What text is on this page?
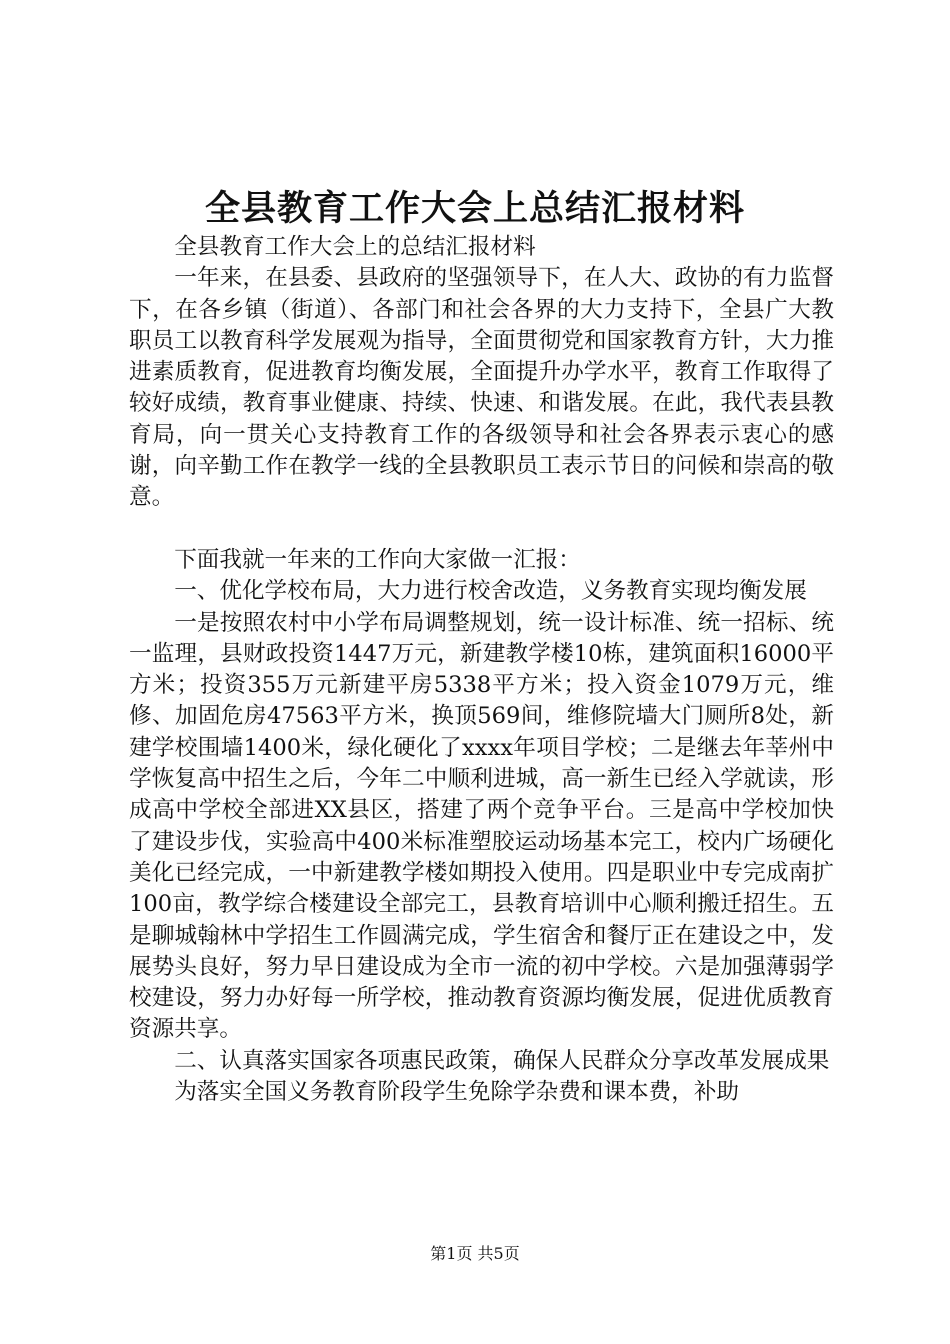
全县教育工作大会上总结汇报材料

全县教育工作大会上的总结汇报材料

一年来，在县委、县政府的坚强领导下，在人大、政协的有力监督下，在各乡镇（街道）、各部门和社会各界的大力支持下，全县广大教职员工以教育科学发展观为指导，全面贯彻党和国家教育方针，大力推进素质教育，促进教育均衡发展，全面提升办学水平，教育工作取得了较好成绩，教育事业健康、持续、快速、和谐发展。在此，我代表县教育局，向一贯关心支持教育工作的各级领导和社会各界表示衷心的感谢，向辛勤工作在教学一线的全县教职员工表示节日的问候和崇高的敬意。

下面我就一年来的工作向大家做一汇报：

一、优化学校布局，大力进行校舍改造，义务教育实现均衡发展

一是按照农村中小学布局调整规划，统一设计标准、统一招标、统一监理，县财政投资1447万元，新建教学楼10栋，建筑面积16000平方米；投资355万元新建平房5338平方米；投入资金1079万元，维修、加固危房47563平方米，换顶569间，维修院墙大门厕所8处，新建学校围墙1400米，绿化硬化了xxxx年项目学校；二是继去年莘州中学恢复高中招生之后，今年二中顺利进城，高一新生已经入学就读，形成高中学校全部进XX县区，搭建了两个竞争平台。三是高中学校加快了建设步伐，实验高中400米标准塑胶运动场基本完工，校内广场硬化美化已经完成，一中新建教学楼如期投入使用。四是职业中专完成南扩100亩，教学综合楼建设全部完工，县教育培训中心顺利搬迁招生。五是聊城翰林中学招生工作圆满完成，学生宿舍和餐厅正在建设之中，发展势头良好，努力早日建设成为全市一流的初中学校。六是加强薄弱学校建设，努力办好每一所学校，推动教育资源均衡发展，促进优质教育资源共享。

二、认真落实国家各项惠民政策，确保人民群众分享改革发展成果

为落实全国义务教育阶段学生免除学杂费和课本费，补助

第1页 共5页
